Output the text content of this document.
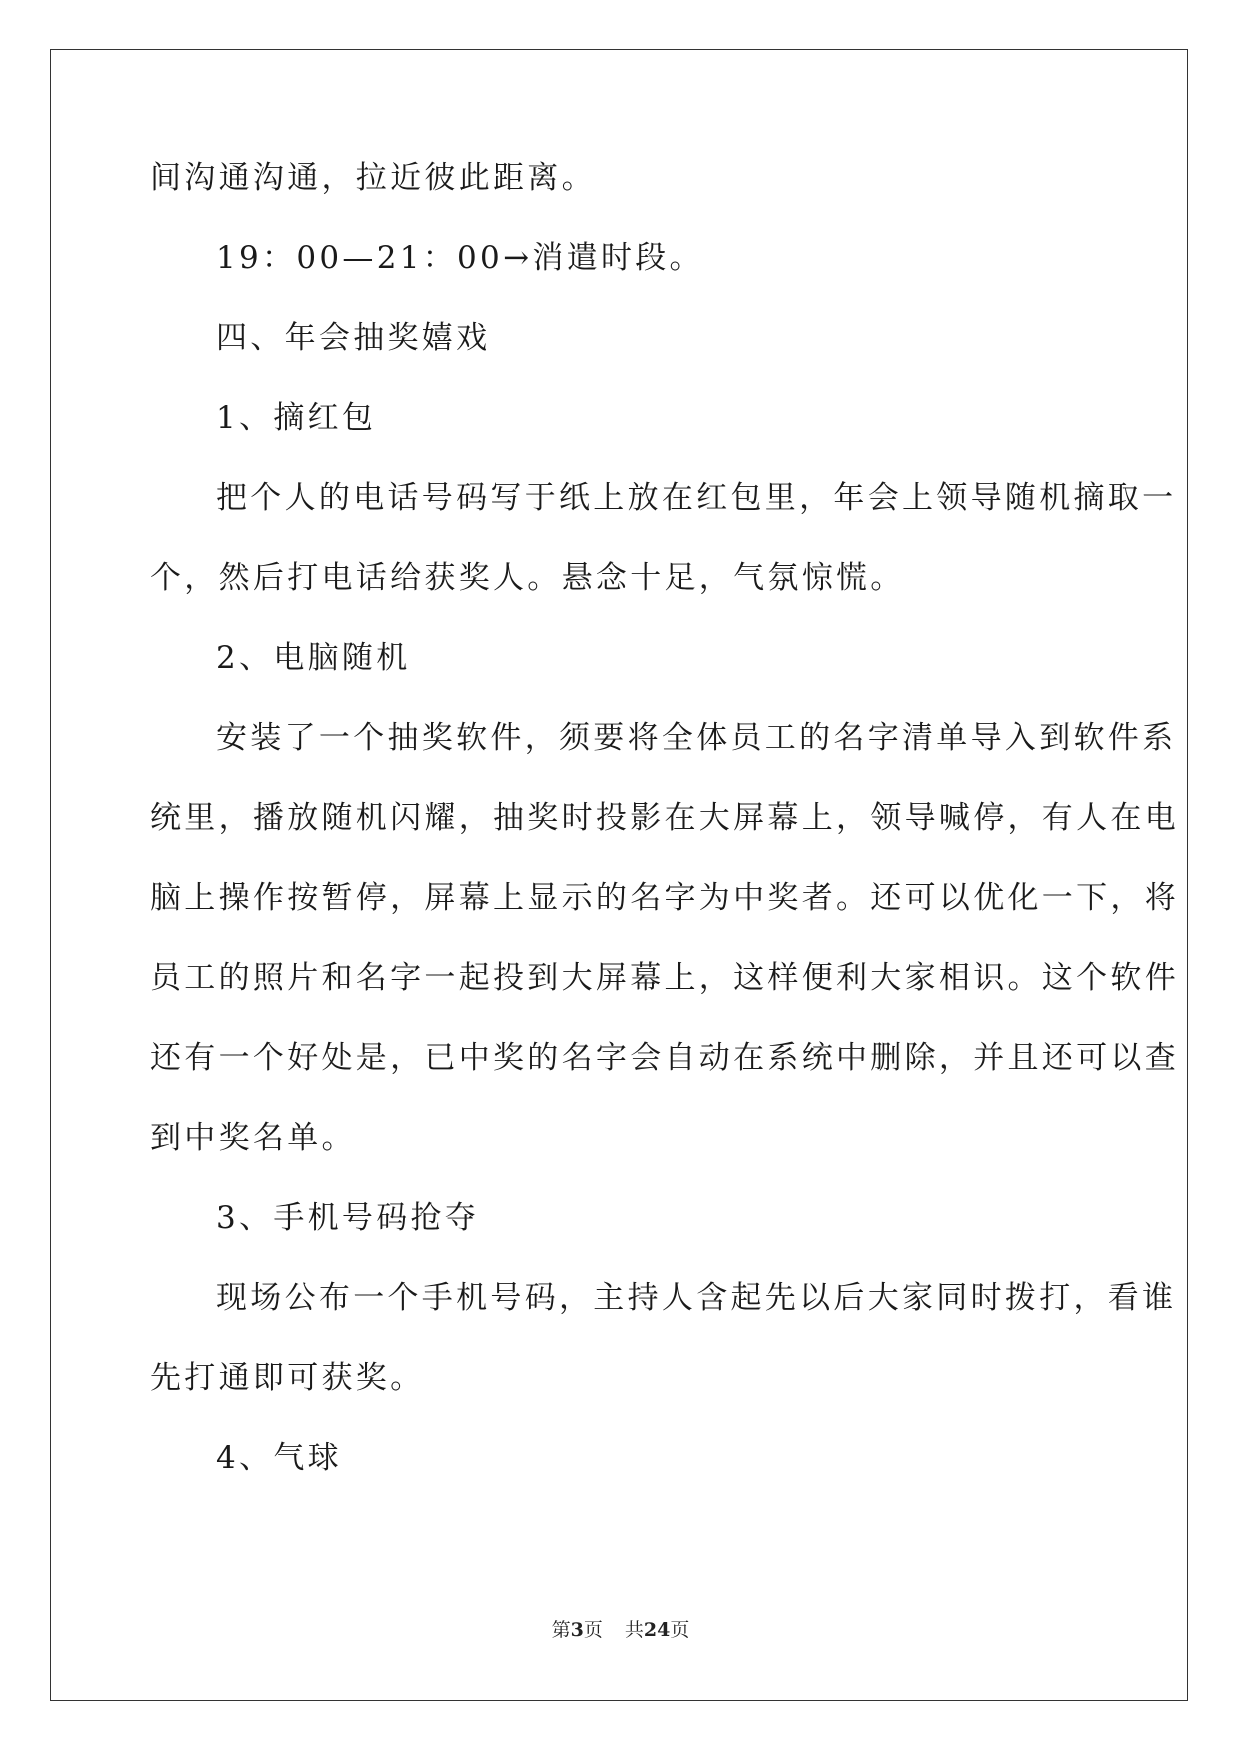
间沟通沟通，拉近彼此距离。

19：00—21：00→消遣时段。

四、年会抽奖嬉戏

1、摘红包

把个人的电话号码写于纸上放在红包里，年会上领导随机摘取一

个，然后打电话给获奖人。悬念十足，气氛惊慌。

2、电脑随机

安装了一个抽奖软件，须要将全体员工的名字清单导入到软件系

统里，播放随机闪耀，抽奖时投影在大屏幕上，领导喊停，有人在电

脑上操作按暂停，屏幕上显示的名字为中奖者。还可以优化一下，将

员工的照片和名字一起投到大屏幕上，这样便利大家相识。这个软件

还有一个好处是，已中奖的名字会自动在系统中删除，并且还可以查

到中奖名单。

3、手机号码抢夺

现场公布一个手机号码，主持人含起先以后大家同时拨打，看谁

先打通即可获奖。

4、气球

第3页 共24页
